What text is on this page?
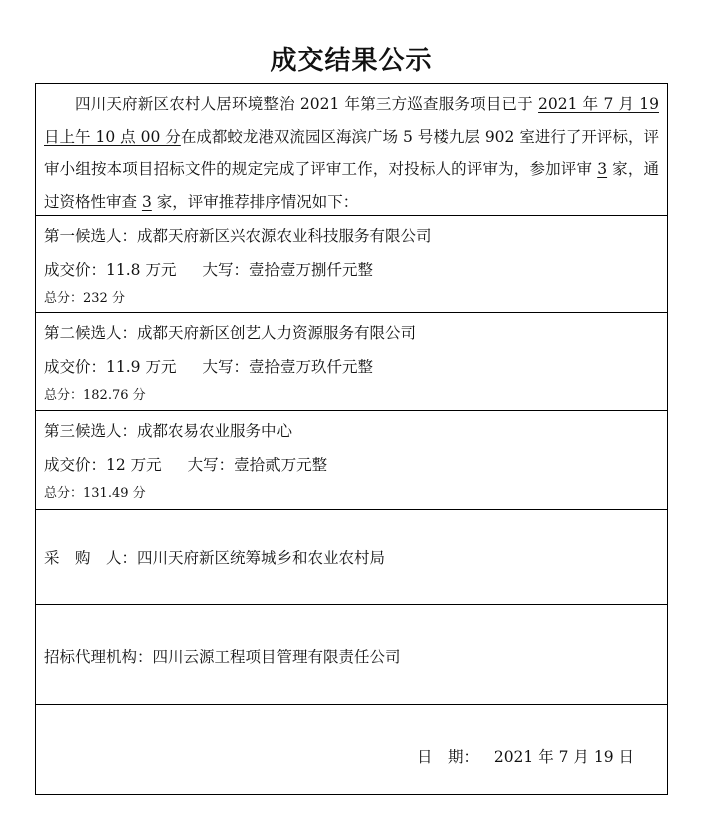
成交结果公示

四川天府新区农村人居环境整治 2021 年第三方巡查服务项目已于 2021 年 7 月 19 日上午 10 点 00 分在成都蛟龙港双流园区海滨广场 5 号楼九层 902 室进行了开评标，评审小组按本项目招标文件的规定完成了评审工作，对投标人的评审为，参加评审 3 家，通过资格性审查 3 家，评审推荐排序情况如下：

第一候选人：成都天府新区兴农源农业科技服务有限公司
成交价：11.8 万元 大写：壹拾壹万捌仟元整
总分：232 分
第二候选人：成都天府新区创艺人力资源服务有限公司
成交价：11.9 万元 大写：壹拾壹万玖仟元整
总分：182.76 分
第三候选人：成都农易农业服务中心
成交价：12 万元 大写：壹拾贰万元整
总分：131.49 分
采　购　人：四川天府新区统筹城乡和农业农村局
招标代理机构：四川云源工程项目管理有限责任公司
日　期： 2021 年 7 月 19 日
